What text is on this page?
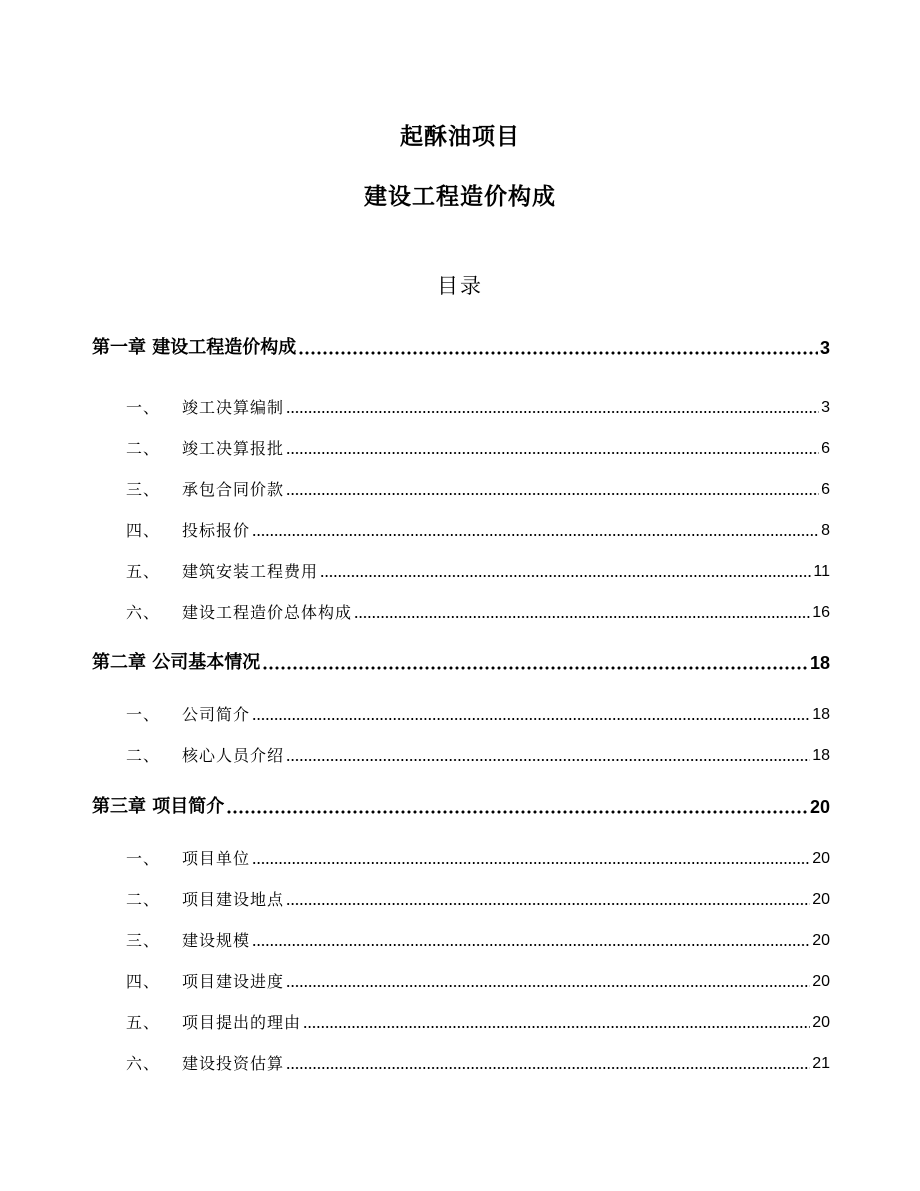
起酥油项目
建设工程造价构成
目录
第一章 建设工程造价构成	3
一、 竣工决算编制	3
二、 竣工决算报批	6
三、 承包合同价款	6
四、 投标报价	8
五、 建筑安装工程费用	11
六、 建设工程造价总体构成	16
第二章 公司基本情况	18
一、 公司简介	18
二、 核心人员介绍	18
第三章 项目简介	20
一、 项目单位	20
二、 项目建设地点	20
三、 建设规模	20
四、 项目建设进度	20
五、 项目提出的理由	20
六、 建设投资估算	21
